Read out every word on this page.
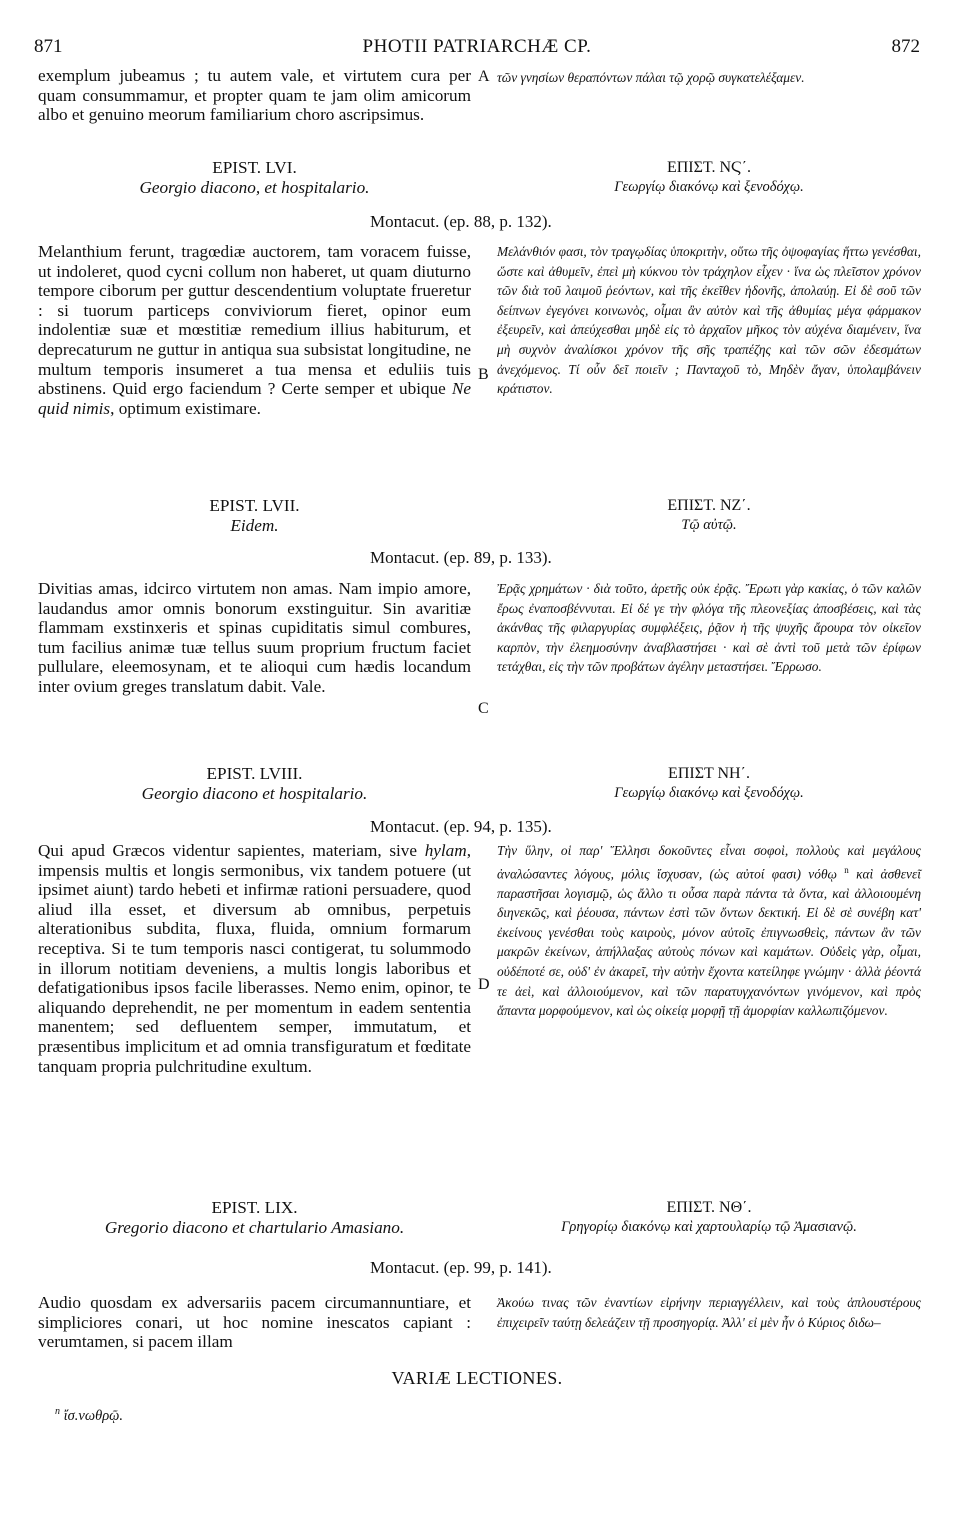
871	PHOTII PATRIARCHÆ CP.	872
exemplum jubeamus ; tu autem vale, et virtutem cura per quam consummamur, et propter quam te jam olim amicorum albo et genuino meorum familiarium choro ascripsimus.
EPIST. LVI.
Georgio diacono, et hospitalario.
Melanthium ferunt, tragœdiæ auctorem, tam voracem fuisse, ut indoleret, quod cycni collum non haberet, ut quam diuturno tempore ciborum per guttur descendentium voluptate frueretur : si tuorum particeps conviviorum fieret, opinor eum indolentiæ suæ et mœstitiæ remedium illius habiturum, et deprecaturum ne guttur in antiqua sua subsistat longitudine, ne multum temporis insumeret a tua mensa et eduliis tuis abstinens. Quid ergo faciendum ? Certe semper et ubique Ne quid nimis, optimum existimare.
EPIST. LVII.
Eidem.
Divitias amas, idcirco virtutem non amas. Nam impio amore, laudandus amor omnis bonorum exstinguitur. Sin avaritiæ flammam exstinxeris et spinas cupiditatis simul combures, tum facilius animæ tuæ tellus suum proprium fructum faciet pullulare, eleemosynam, et te alioqui cum hædis locandum inter ovium greges translatum dabit. Vale.
EPIST. LVIII.
Georgio diacono et hospitalario.
Qui apud Græcos videntur sapientes, materiam, sive hylam, impensis multis et longis sermonibus, vix tandem potuere (ut ipsimet aiunt) tardo hebeti et infirmæ rationi persuadere, quod aliud illa esset, et diversum ab omnibus, perpetuis alterationibus subdita, fluxa, fluida, omnium formarum receptiva. Si te tum temporis nasci contigerat, tu solummodo in illorum notitiam deveniens, a multis longis laboribus et defatigationibus ipsos facile liberasses. Nemo enim, opinor, te aliquando deprehendit, ne per momentum in eadem sententia manentem; sed defluentem semper, immutatum, et præsentibus implicitum et ad omnia transfiguratum et fœditate tanquam propria pulchritudine exultum.
EPIST. LIX.
Gregorio diacono et chartulario Amasiano.
Audio quosdam ex adversariis pacem circumannuntiare, et simpliciores conari, ut hoc nomine inescatos capiant : verumtamen, si pacem illam
τῶν γνησίων θεραπόντων πάλαι τῷ χορῷ συγκατελέξαμεν.
ΕΠΙΣΤ. ΝϚ΄.
Γεωργίῳ διακόνῳ καὶ ξενοδόχῳ.
Μελάνθιόν φασι, τὸν τραγῳδίας ὑποκριτὴν, οὕτω τῆς ὀψοφαγίας ἥττω γενέσθαι, ὥστε καὶ ἀθυμεῖν, ἐπεὶ μὴ κύκνου τὸν τράχηλον εἶχεν · ἵνα ὡς πλεῖστον χρόνον τῶν διὰ τοῦ λαιμοῦ ῥεόντων, καὶ τῆς ἐκεῖθεν ἡδονῆς, ἀπολαύῃ. Εἰ δὲ σοῦ τῶν δείπνων ἐγεγόνει κοινωνὸς, οἶμαι ἂν αὐτὸν καὶ τῆς ἀθυμίας μέγα φάρμακον ἐξευρεῖν, καὶ ἀπεύχεσθαι μηδὲ εἰς τὸ ἀρχαῖον μῆκος τὸν αὐχένα διαμένειν, ἵνα μὴ συχνὸν ἀναλίσκοι χρόνον τῆς σῆς τραπέζης καὶ τῶν σῶν ἐδεσμάτων ἀνεχόμενος. Τί οὖν δεῖ ποιεῖν ; Πανταχοῦ τὸ, Μηδὲν ἄγαν, ὑπολαμβάνειν κράτιστον.
ΕΠΙΣΤ. ΝΖ΄.
Τῷ αὐτῷ.
Ἐρᾷς χρημάτων · διὰ τοῦτο, ἀρετῆς οὐκ ἐρᾷς. Ἔρωτι γὰρ κακίας, ὁ τῶν καλῶν ἔρως ἐναποσβέννυται. Εἰ δέ γε τὴν φλόγα τῆς πλεονεξίας ἀποσβέσεις, καὶ τὰς ἀκάνθας τῆς φιλαργυρίας συμφλέξεις, ῥᾷον ἡ τῆς ψυχῆς ἄρουρα τὸν οἰκεῖον καρπὸν, τὴν ἐλεημοσύνην ἀναβλαστήσει · καὶ σὲ ἀντὶ τοῦ μετὰ τῶν ἐρίφων τετάχθαι, εἰς τὴν τῶν προβάτων ἀγέλην μεταστήσει. Ἔρρωσο.
ΕΠΙΣΤ ΝΗ΄.
Γεωργίῳ διακόνῳ καὶ ξενοδόχῳ.
Τὴν ὕλην, οἱ παρ' Ἕλλησι δοκοῦντες εἶναι σοφοὶ, πολλοὺς καὶ μεγάλους ἀναλώσαντες λόγους, μόλις ἴσχυσαν, (ὡς αὐτοί φασι) νόθῳ $^n$ καὶ ἀσθενεῖ παραστῆσαι λογισμῷ, ὡς ἄλλο τι οὖσα παρὰ πάντα τὰ ὄντα, καὶ ἀλλοιουμένη διηνεκῶς, καὶ ῥέουσα, πάντων ἐστὶ τῶν ὄντων δεκτική. Εἰ δὲ σὲ συνέβη κατ' ἐκείνους γενέσθαι τοὺς καιροὺς, μόνον αὐτοῖς ἐπιγνωσθεὶς, πάντων ἂν τῶν μακρῶν ἐκείνων, ἀπήλλαξας αὐτοὺς πόνων καὶ καμάτων. Οὐδεὶς γὰρ, οἶμαι, οὐδέποτέ σε, οὐδ' ἐν ἀκαρεῖ, τὴν αὐτὴν ἔχοντα κατείληφε γνώμην · ἀλλὰ ῥέοντά τε ἀεὶ, καὶ ἀλλοιούμενον, καὶ τῶν παρατυγχανόντων γινόμενον, καὶ πρὸς ἅπαντα μορφούμενον, καὶ ὡς οἰκείᾳ μορφῇ τῇ ἀμορφίαν καλλωπιζόμενον.
ΕΠΙΣΤ. ΝΘ΄.
Γρηγορίῳ διακόνῳ καὶ χαρτουλαρίῳ τῷ Ἀμασιανῷ.
Ἀκούω τινας τῶν ἐναντίων εἰρήνην περιαγγέλλειν, καὶ τοὺς ἁπλουστέρους ἐπιχειρεῖν ταύτῃ δελεάζειν τῇ προσηγορίᾳ. Ἀλλ' εἰ μὲν ἦν ὁ Κύριος διδω–
Montacut. (ep. 88, p. 132).
Montacut. (ep. 89, p. 133).
Montacut. (ep. 94, p. 135).
Montacut. (ep. 99, p. 141).
A
B
C
D
VARIÆ LECTIONES.
$^n$ ἴσ.νωθρῷ.
